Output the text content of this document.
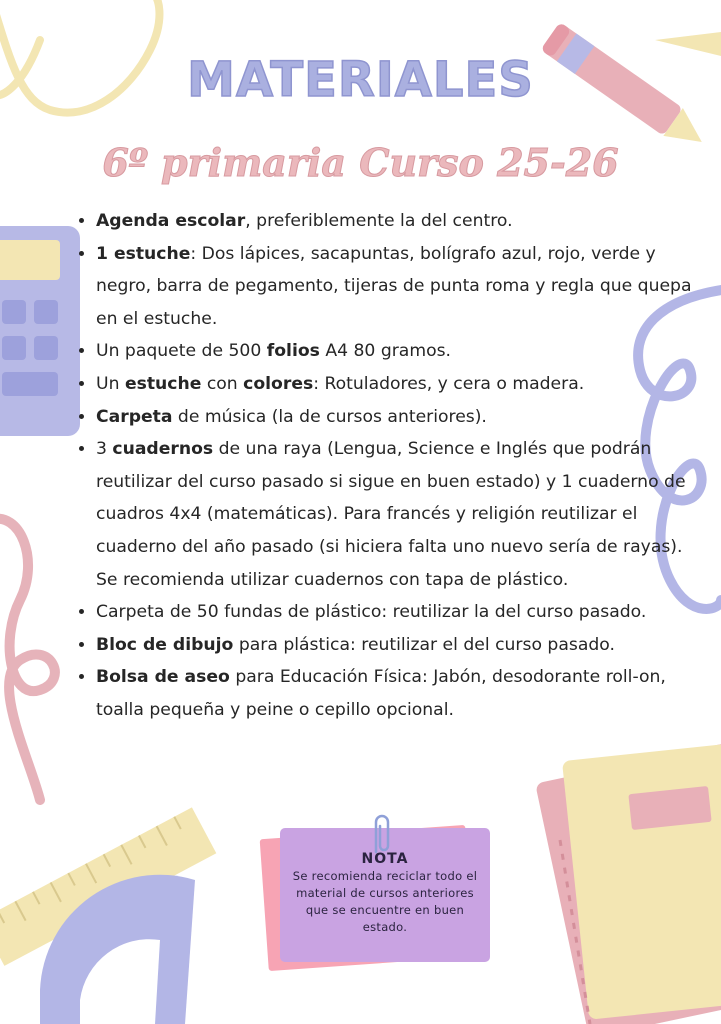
MATERIALES
6º primaria Curso 25-26
• Agenda escolar, preferiblemente la del centro.
• 1 estuche: Dos lápices, sacapuntas, bolígrafo azul, rojo, verde y negro, barra de pegamento, tijeras de punta roma y regla que quepa en el estuche.
• Un paquete de 500 folios A4 80 gramos.
• Un estuche con colores: Rotuladores, y cera o madera.
• Carpeta de música (la de cursos anteriores).
• 3 cuadernos de una raya (Lengua, Science e Inglés que podrán reutilizar del curso pasado si sigue en buen estado) y 1 cuaderno de cuadros 4x4 (matemáticas). Para francés y religión reutilizar el cuaderno del año pasado (si hiciera falta uno nuevo sería de rayas). Se recomienda utilizar cuadernos con tapa de plástico.
• Carpeta de 50 fundas de plástico: reutilizar la del curso pasado.
• Bloc de dibujo para plástica: reutilizar el del curso pasado.
• Bolsa de aseo para Educación Física: Jabón, desodorante roll-on, toalla pequeña y peine o cepillo opcional.
NOTA
Se recomienda reciclar todo el material de cursos anteriores que se encuentre en buen estado.
